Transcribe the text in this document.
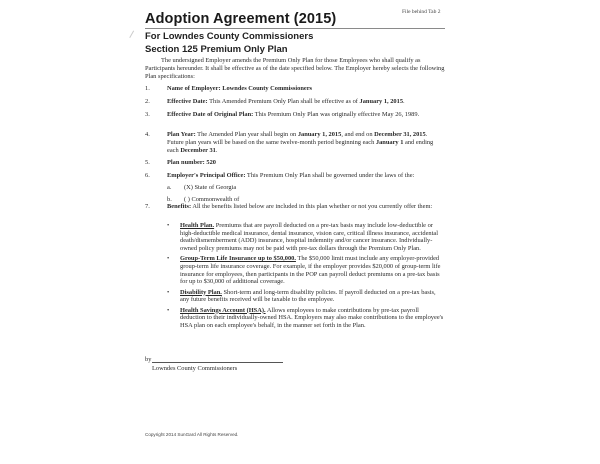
File behind Tab 2
Adoption Agreement (2015)
For Lowndes County Commissioners
Section 125 Premium Only Plan
The undersigned Employer amends the Premium Only Plan for those Employees who shall qualify as Participants hereunder. It shall be effective as of the date specified below. The Employer hereby selects the following Plan specifications:
1.	Name of Employer: Lowndes County Commissioners
2.	Effective Date: This Amended Premium Only Plan shall be effective as of January 1, 2015.
3.	Effective Date of Original Plan: This Premium Only Plan was originally effective May 26, 1989.
4.	Plan Year: The Amended Plan year shall begin on January 1, 2015, and end on December 31, 2015. Future plan years will be based on the same twelve-month period beginning each January 1 and ending each December 31.
5.	Plan number: 520
6.	Employer's Principal Office: This Premium Only Plan shall be governed under the laws of the:
a.	(X) State of Georgia
b.	( ) Commonwealth of
7.	Benefits: All the benefits listed below are included in this plan whether or not you currently offer them:
• Health Plan. Premiums that are payroll deducted on a pre-tax basis may include low-deductible or high-deductible medical insurance, dental insurance, vision care, critical illness insurance, accidental death/dismemberment (ADD) insurance, hospital indemnity and/or cancer insurance. Individually-owned policy premiums may not be paid with pre-tax dollars through the Premium Only Plan.
• Group-Term Life Insurance up to $50,000. The $50,000 limit must include any employer-provided group-term life insurance coverage. For example, if the employer provides $20,000 of group-term life insurance for employees, then participants in the POP can payroll deduct premiums on a pre-tax basis for up to $30,000 of additional coverage.
• Disability Plan. Short-term and long-term disability policies. If payroll deducted on a pre-tax basis, any future benefits received will be taxable to the employee.
• Health Savings Account (HSA). Allows employees to make contributions by pre-tax payroll deduction to their individually-owned HSA. Employers may also make contributions to the employee's HSA plan on each employee's behalf, in the manner set forth in the Plan.
by
Lowndes County Commissioners
Copyright 2014 SunGard All Rights Reserved.
